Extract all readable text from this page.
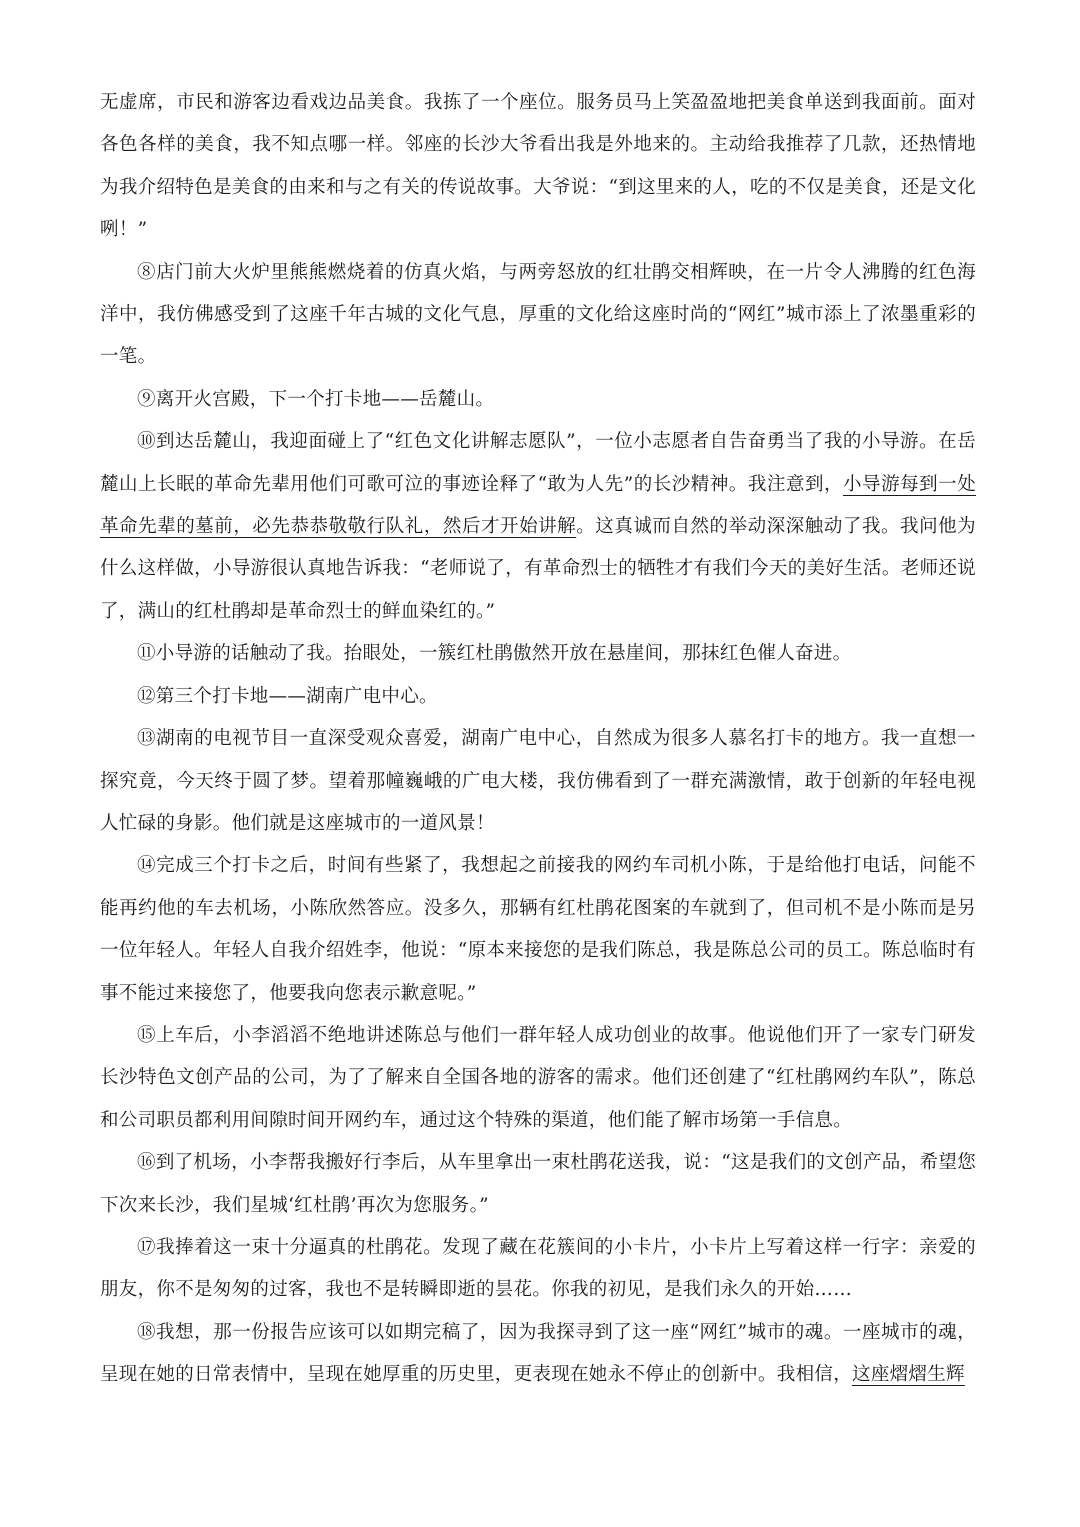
无虚席，市民和游客边看戏边品美食。我拣了一个座位。服务员马上笑盈盈地把美食单送到我面前。面对各色各样的美食，我不知点哪一样。邻座的长沙大爷看出我是外地来的。主动给我推荐了几款，还热情地为我介绍特色是美食的由来和与之有关的传说故事。大爷说：“到这里来的人，吃的不仅是美食，还是文化咧！”

⑧店门前大火炉里熊熊燃烧着的仿真火焰，与两旁怒放的红壮鹃交相辉映，在一片令人沸腾的红色海洋中，我仿佛感受到了这座千年古城的文化气息，厚重的文化给这座时尚的“网红”城市添上了浓墨重彩的一笔。

⑨离开火宫殿，下一个打卡地——岳麓山。

⑩到达岳麓山，我迎面碰上了“红色文化讲解志愿队”，一位小志愿者自告奋勇当了我的小导游。在岳麓山上长眠的革命先辈用他们可歌可泣的事迹诠释了“敢为人先”的长沙精神。我注意到，小导游每到一处革命先辈的墓前，必先恭恭敬敬行队礼，然后才开始讲解。这真诚而自然的举动深深触动了我。我问他为什么这样做，小导游很认真地告诉我：“老师说了，有革命烈士的牺牲才有我们今天的美好生活。老师还说了，满山的红杜鹃却是革命烈士的鲜血染红的。”

⑪小导游的话触动了我。抬眼处，一簇红杜鹃傲然开放在悬崖间，那抹红色催人奋进。

⑫第三个打卡地——湖南广电中心。

⑬湖南的电视节目一直深受观众喜爱，湖南广电中心，自然成为很多人慕名打卡的地方。我一直想一探究竟，今天终于圆了梦。望着那幢巍峨的广电大楼，我仿佛看到了一群充满激情，敢于创新的年轻电视人忙碌的身影。他们就是这座城市的一道风景！

⑭完成三个打卡之后，时间有些紧了，我想起之前接我的网约车司机小陈，于是给他打电话，问能不能再约他的车去机场，小陈欣然答应。没多久，那辆有红杜鹃花图案的车就到了，但司机不是小陈而是另一位年轻人。年轻人自我介绍姓李，他说：“原本来接您的是我们陈总，我是陈总公司的员工。陈总临时有事不能过来接您了，他要我向您表示歉意呢。”

⑮上车后，小李滔滔不绝地讲述陈总与他们一群年轻人成功创业的故事。他说他们开了一家专门研发长沙特色文创产品的公司，为了了解来自全国各地的游客的需求。他们还创建了“红杜鹃网约车队”，陈总和公司职员都利用间隙时间开网约车，通过这个特殊的渠道，他们能了解市场第一手信息。

⑯到了机场，小李帮我搬好行李后，从车里拿出一束杜鹃花送我，说：“这是我们的文创产品，希望您下次来长沙，我们星城‘红杜鹃’再次为您服务。”

⑰我捧着这一束十分逼真的杜鹃花。发现了藏在花簇间的小卡片，小卡片上写着这样一行字：亲爱的朋友，你不是匆匆的过客，我也不是转瞬即逝的昙花。你我的初见，是我们永久的开始……

⑱我想，那一份报告应该可以如期完稿了，因为我探寻到了这一座“网红”城市的魂。一座城市的魂，呈现在她的日常表情中，呈现在她厚重的历史里，更表现在她永不停止的创新中。我相信，这座熠熠生辉
